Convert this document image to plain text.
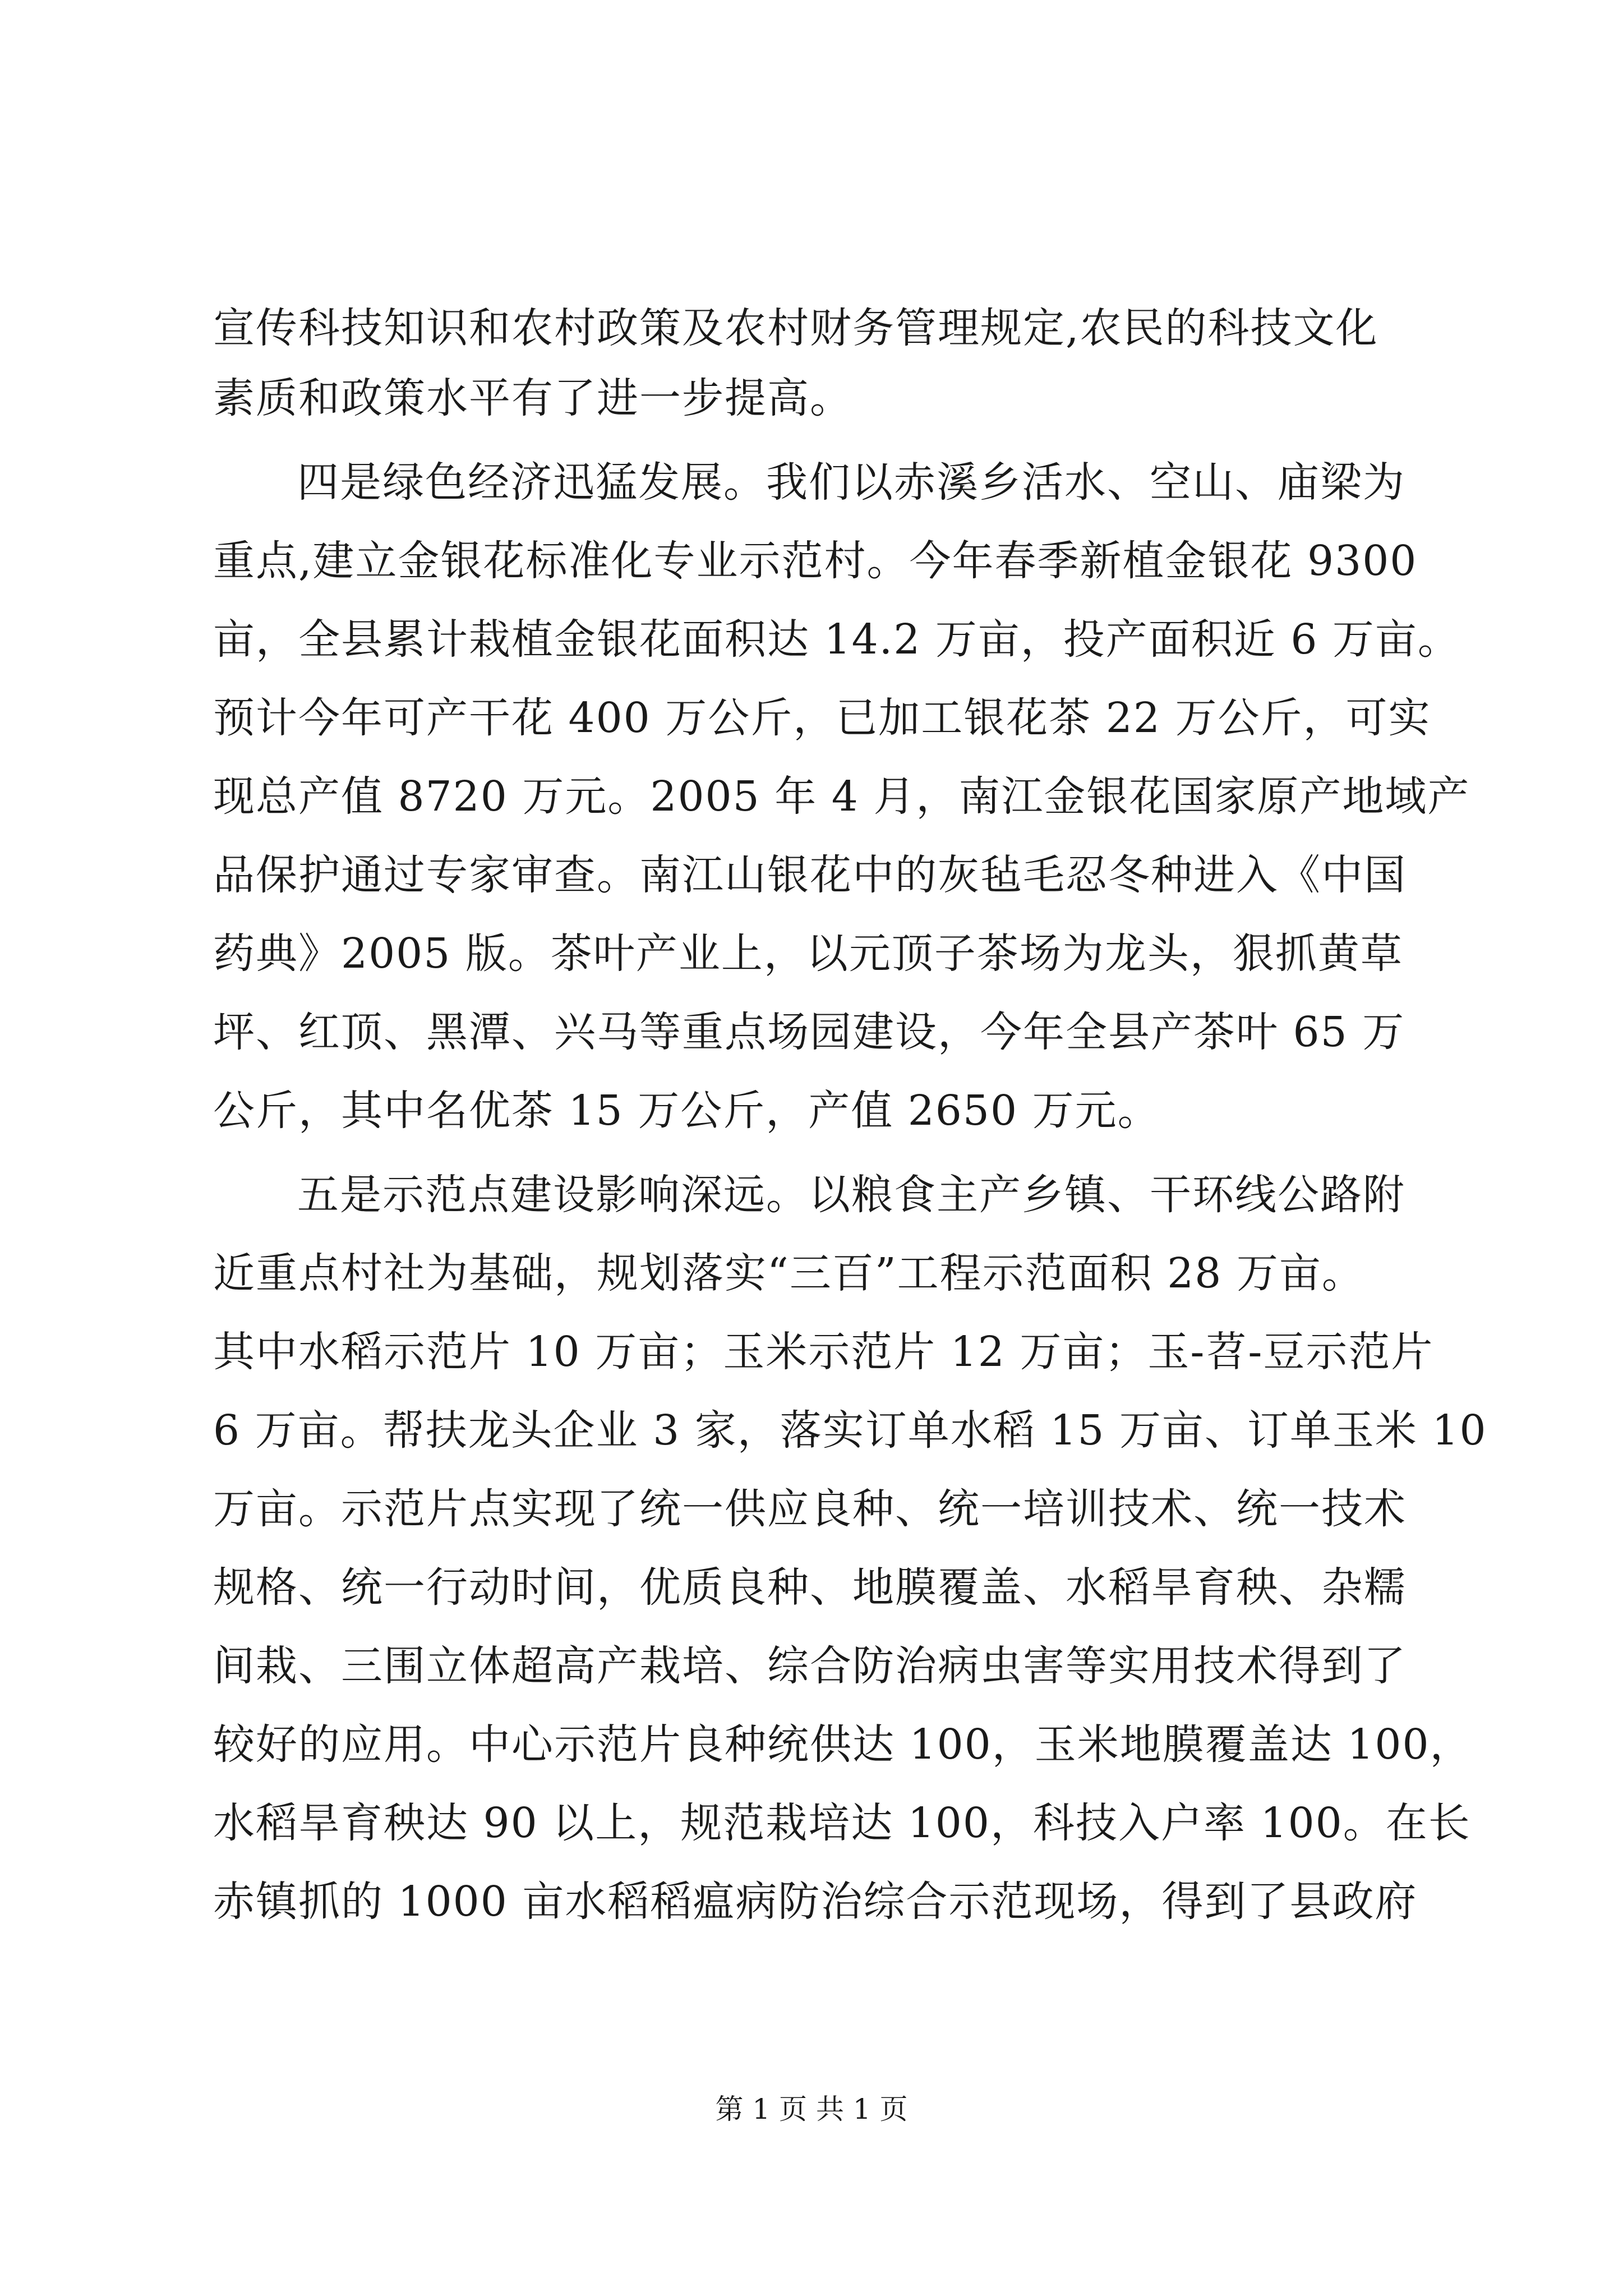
宣传科技知识和农村政策及农村财务管理规定,农民的科技文化
素质和政策水平有了进一步提高。
四是绿色经济迅猛发展。我们以赤溪乡活水、空山、庙梁为
重点,建立金银花标准化专业示范村。今年春季新植金银花 9300
亩，全县累计栽植金银花面积达 14.2 万亩，投产面积近 6 万亩。
预计今年可产干花 400 万公斤，已加工银花茶 22 万公斤，可实
现总产值 8720 万元。2005 年 4 月，南江金银花国家原产地域产
品保护通过专家审查。南江山银花中的灰毡毛忍冬种进入《中国
药典》2005 版。茶叶产业上，以元顶子茶场为龙头，狠抓黄草
坪、红顶、黑潭、兴马等重点场园建设，今年全县产茶叶 65 万
公斤，其中名优茶 15 万公斤，产值 2650 万元。
五是示范点建设影响深远。以粮食主产乡镇、干环线公路附
近重点村社为基础，规划落实“三百”工程示范面积 28 万亩。
其中水稻示范片 10 万亩；玉米示范片 12 万亩；玉-苕-豆示范片
6 万亩。帮扶龙头企业 3 家，落实订单水稻 15 万亩、订单玉米 10
万亩。示范片点实现了统一供应良种、统一培训技术、统一技术
规格、统一行动时间，优质良种、地膜覆盖、水稻旱育秧、杂糯
间栽、三围立体超高产栽培、综合防治病虫害等实用技术得到了
较好的应用。中心示范片良种统供达 100，玉米地膜覆盖达 100，
水稻旱育秧达 90 以上，规范栽培达 100，科技入户率 100。在长
赤镇抓的 1000 亩水稻稻瘟病防治综合示范现场，得到了县政府
第 1 页 共 1 页
